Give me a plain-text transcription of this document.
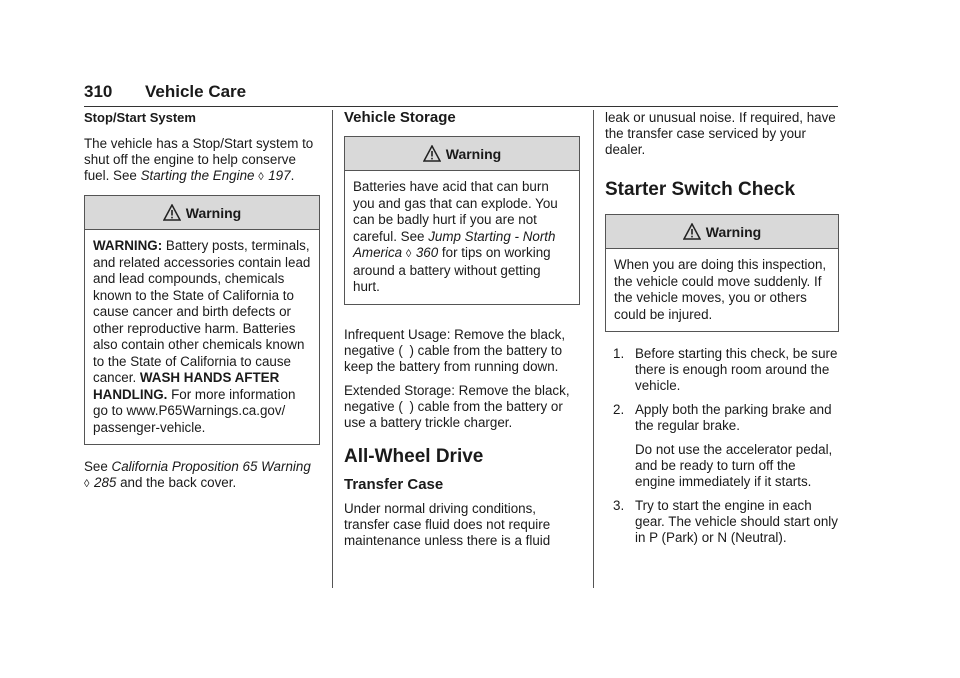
310 Vehicle Care
Stop/Start System

The vehicle has a Stop/Start system to shut off the engine to help conserve fuel. See Starting the Engine ◊ 197.

Warning
WARNING: Battery posts, terminals, and related accessories contain lead and lead compounds, chemicals known to the State of California to cause cancer and birth defects or other reproductive harm. Batteries also contain other chemicals known to the State of California to cause cancer. WASH HANDS AFTER HANDLING. For more information go to www.P65Warnings.ca.gov/ passenger-vehicle.

See California Proposition 65 Warning ◊ 285 and the back cover.

Vehicle Storage
Warning
Batteries have acid that can burn you and gas that can explode. You can be badly hurt if you are not careful. See Jump Starting - North America ◊ 360 for tips on working around a battery without getting hurt.

Infrequent Usage: Remove the black, negative ( ) cable from the battery to keep the battery from running down.

Extended Storage: Remove the black, negative ( ) cable from the battery or use a battery trickle charger.

All-Wheel Drive
Transfer Case

Under normal driving conditions, transfer case fluid does not require maintenance unless there is a fluid

leak or unusual noise. If required, have the transfer case serviced by your dealer.

Starter Switch Check
Warning
When you are doing this inspection, the vehicle could move suddenly. If the vehicle moves, you or others could be injured.
1. Before starting this check, be sure there is enough room around the vehicle.
2. Apply both the parking brake and the regular brake.
Do not use the accelerator pedal, and be ready to turn off the engine immediately if it starts.
3. Try to start the engine in each gear. The vehicle should start only in P (Park) or N (Neutral).
